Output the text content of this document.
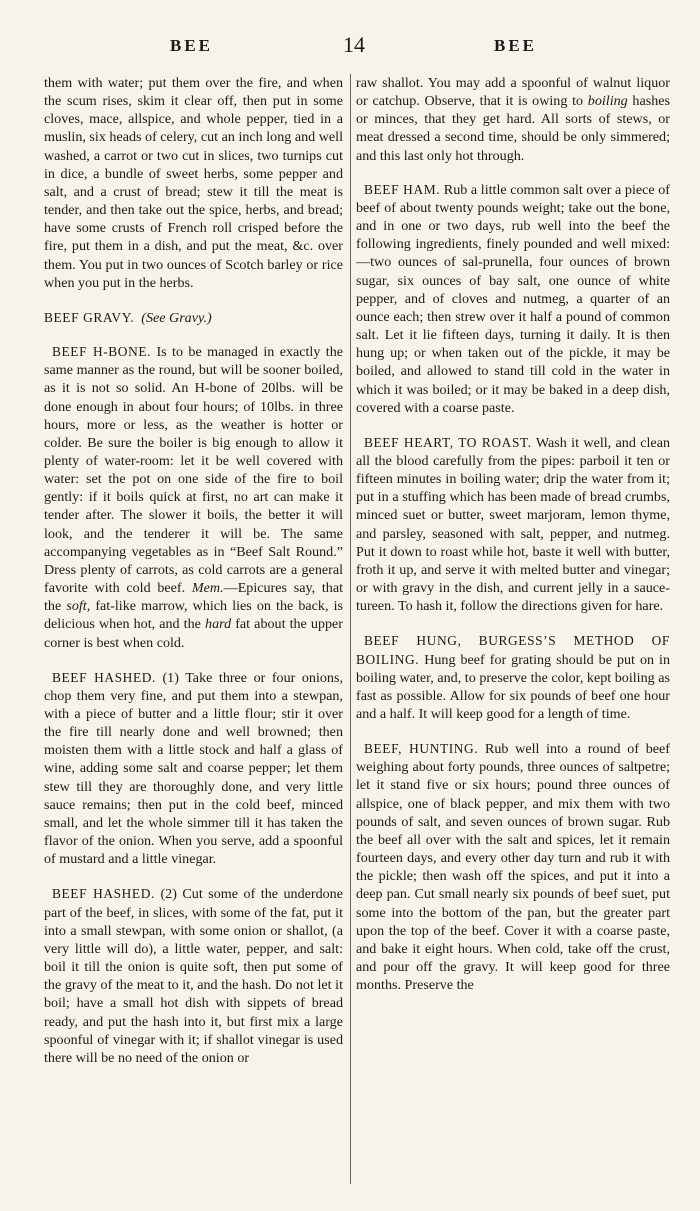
BEE	14	BEE

them with water; put them over the fire, and when the scum rises, skim it clear off, then put in some cloves, mace, allspice, and whole pepper, tied in a muslin, six heads of celery, cut an inch long and well washed, a carrot or two cut in slices, two turnips cut in dice, a bundle of sweet herbs, some pepper and salt, and a crust of bread; stew it till the meat is tender, and then take out the spice, herbs, and bread; have some crusts of French roll crisped before the fire, put them in a dish, and put the meat, &c. over them. You put in two ounces of Scotch barley or rice when you put in the herbs.

BEEF GRAVY. (See Gravy.)

BEEF H-BONE. Is to be managed in exactly the same manner as the round, but will be sooner boiled, as it is not so solid. An H-bone of 20lbs. will be done enough in about four hours; of 10lbs. in three hours, more or less, as the weather is hotter or colder. Be sure the boiler is big enough to allow it plenty of water-room: let it be well covered with water: set the pot on one side of the fire to boil gently: if it boils quick at first, no art can make it tender after. The slower it boils, the better it will look, and the tenderer it will be. The same accompanying vegetables as in “Beef Salt Round.” Dress plenty of carrots, as cold carrots are a general favorite with cold beef. Mem.—Epicures say, that the soft, fat-like marrow, which lies on the back, is delicious when hot, and the hard fat about the upper corner is best when cold.

BEEF HASHED. (1) Take three or four onions, chop them very fine, and put them into a stewpan, with a piece of butter and a little flour; stir it over the fire till nearly done and well browned; then moisten them with a little stock and half a glass of wine, adding some salt and coarse pepper; let them stew till they are thoroughly done, and very little sauce remains; then put in the cold beef, minced small, and let the whole simmer till it has taken the flavor of the onion. When you serve, add a spoonful of mustard and a little vinegar.

BEEF HASHED. (2) Cut some of the underdone part of the beef, in slices, with some of the fat, put it into a small stewpan, with some onion or shallot, (a very little will do), a little water, pepper, and salt: boil it till the onion is quite soft, then put some of the gravy of the meat to it, and the hash. Do not let it boil; have a small hot dish with sippets of bread ready, and put the hash into it, but first mix a large spoonful of vinegar with it; if shallot vinegar is used there will be no need of the onion or

raw shallot. You may add a spoonful of walnut liquor or catchup. Observe, that it is owing to boiling hashes or minces, that they get hard. All sorts of stews, or meat dressed a second time, should be only simmered; and this last only hot through.

BEEF HAM. Rub a little common salt over a piece of beef of about twenty pounds weight; take out the bone, and in one or two days, rub well into the beef the following ingredients, finely pounded and well mixed: —two ounces of sal-prunella, four ounces of brown sugar, six ounces of bay salt, one ounce of white pepper, and of cloves and nutmeg, a quarter of an ounce each; then strew over it half a pound of common salt. Let it lie fifteen days, turning it daily. It is then hung up; or when taken out of the pickle, it may be boiled, and allowed to stand till cold in the water in which it was boiled; or it may be baked in a deep dish, covered with a coarse paste.

BEEF HEART, TO ROAST. Wash it well, and clean all the blood carefully from the pipes: parboil it ten or fifteen minutes in boiling water; drip the water from it; put in a stuffing which has been made of bread crumbs, minced suet or butter, sweet marjoram, lemon thyme, and parsley, seasoned with salt, pepper, and nutmeg. Put it down to roast while hot, baste it well with butter, froth it up, and serve it with melted butter and vinegar; or with gravy in the dish, and current jelly in a sauce-tureen. To hash it, follow the directions given for hare.

BEEF HUNG, BURGESS’S METHOD OF BOILING. Hung beef for grating should be put on in boiling water, and, to preserve the color, kept boiling as fast as possible. Allow for six pounds of beef one hour and a half. It will keep good for a length of time.

BEEF, HUNTING. Rub well into a round of beef weighing about forty pounds, three ounces of saltpetre; let it stand five or six hours; pound three ounces of allspice, one of black pepper, and mix them with two pounds of salt, and seven ounces of brown sugar. Rub the beef all over with the salt and spices, let it remain fourteen days, and every other day turn and rub it with the pickle; then wash off the spices, and put it into a deep pan. Cut small nearly six pounds of beef suet, put some into the bottom of the pan, but the greater part upon the top of the beef. Cover it with a coarse paste, and bake it eight hours. When cold, take off the crust, and pour off the gravy. It will keep good for three months. Preserve the
